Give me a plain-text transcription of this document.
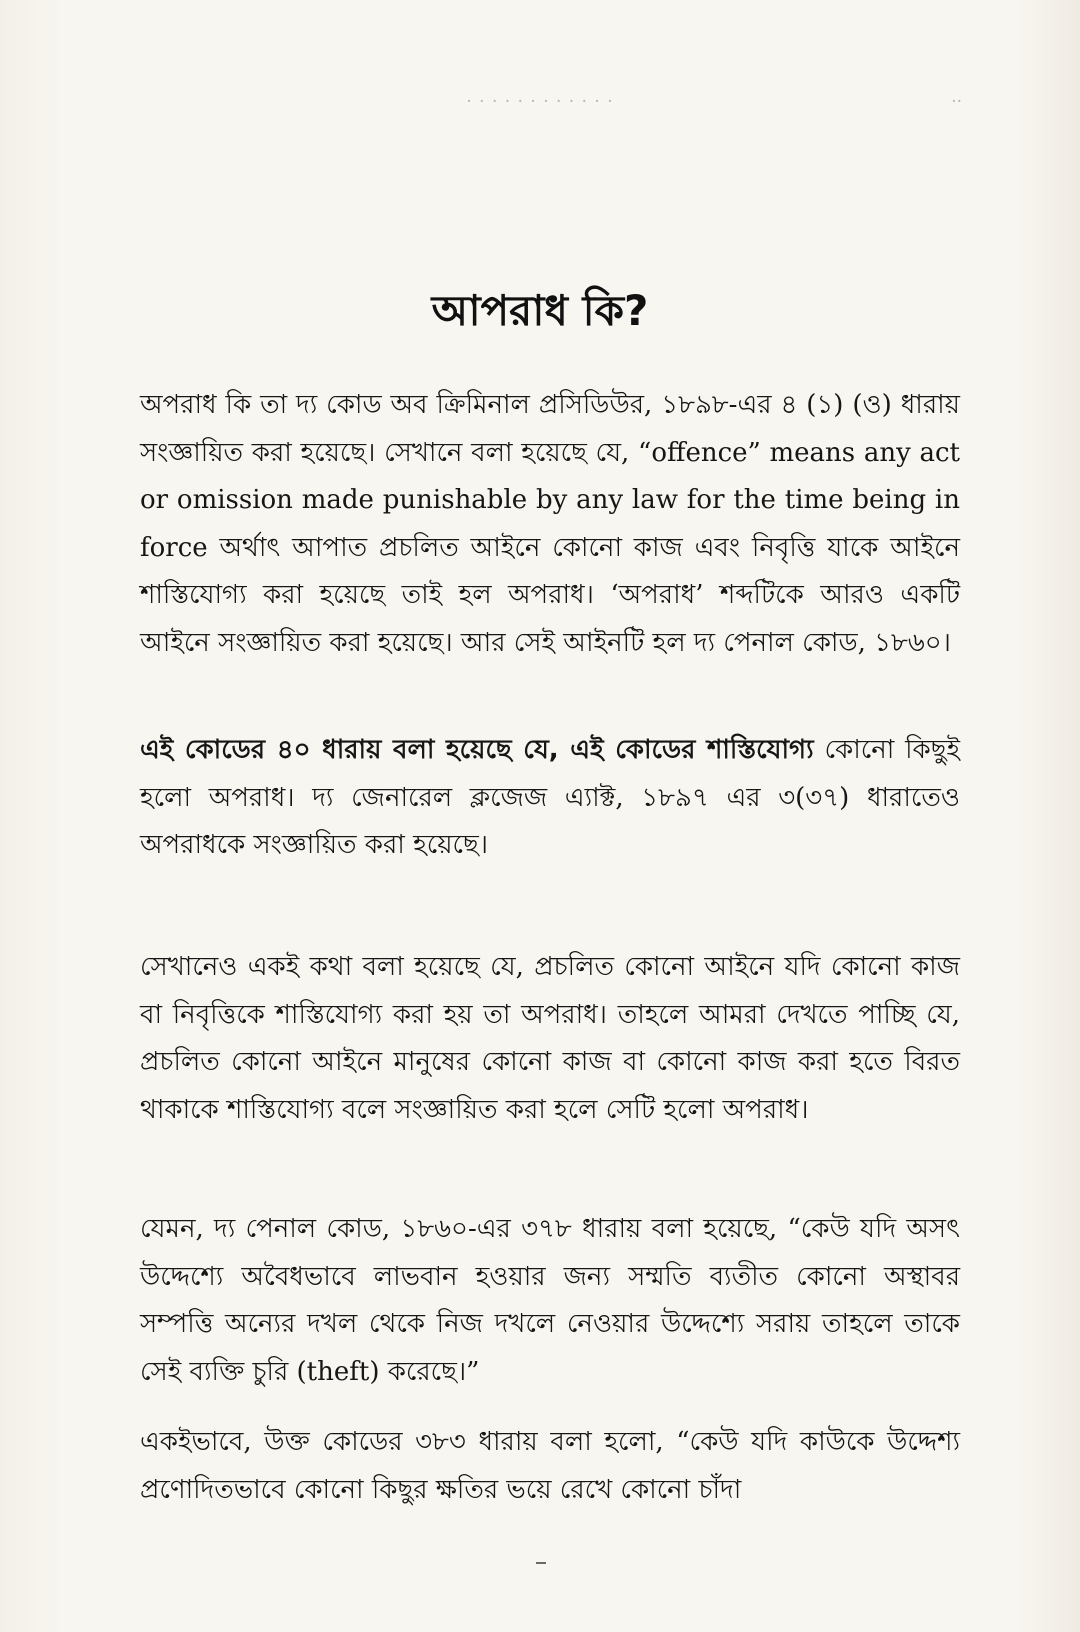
· · · · · · · · · · · ·	··
আপরাধ কি?

অপরাধ কি তা দ্য কোড অব ক্রিমিনাল প্রসিডিউর, ১৮৯৮-এর ৪ (১) (ও) ধারায় সংজ্ঞায়িত করা হয়েছে। সেখানে বলা হয়েছে যে, “offence” means any act or omission made punishable by any law for the time being in force অর্থাৎ আপাত প্রচলিত আইনে কোনো কাজ এবং নিবৃত্তি যাকে আইনে শাস্তিযোগ্য করা হয়েছে তাই হল অপরাধ। ‘অপরাধ’ শব্দটিকে আরও একটি আইনে সংজ্ঞায়িত করা হয়েছে। আর সেই আইনটি হল দ্য পেনাল কোড, ১৮৬০।

এই কোডের ৪০ ধারায় বলা হয়েছে যে, এই কোডের শাস্তিযোগ্য কোনো কিছুই হলো অপরাধ। দ্য জেনারেল ক্লজেজ এ্যাক্ট, ১৮৯৭ এর ৩(৩৭) ধারাতেও অপরাধকে সংজ্ঞায়িত করা হয়েছে।

সেখানেও একই কথা বলা হয়েছে যে, প্রচলিত কোনো আইনে যদি কোনো কাজ বা নিবৃত্তিকে শাস্তিযোগ্য করা হয় তা অপরাধ। তাহলে আমরা দেখতে পাচ্ছি যে, প্রচলিত কোনো আইনে মানুষের কোনো কাজ বা কোনো কাজ করা হতে বিরত থাকাকে শাস্তিযোগ্য বলে সংজ্ঞায়িত করা হলে সেটি হলো অপরাধ।

যেমন, দ্য পেনাল কোড, ১৮৬০-এর ৩৭৮ ধারায় বলা হয়েছে, “কেউ যদি অসৎ উদ্দেশ্যে অবৈধভাবে লাভবান হওয়ার জন্য সম্মতি ব্যতীত কোনো অস্থাবর সম্পত্তি অন্যের দখল থেকে নিজ দখলে নেওয়ার উদ্দেশ্যে সরায় তাহলে তাকে সেই ব্যক্তি চুরি (theft) করেছে।”

একইভাবে, উক্ত কোডের ৩৮৩ ধারায় বলা হলো, “কেউ যদি কাউকে উদ্দেশ্য প্রণোদিতভাবে কোনো কিছুর ক্ষতির ভয়ে রেখে কোনো চাঁদা
